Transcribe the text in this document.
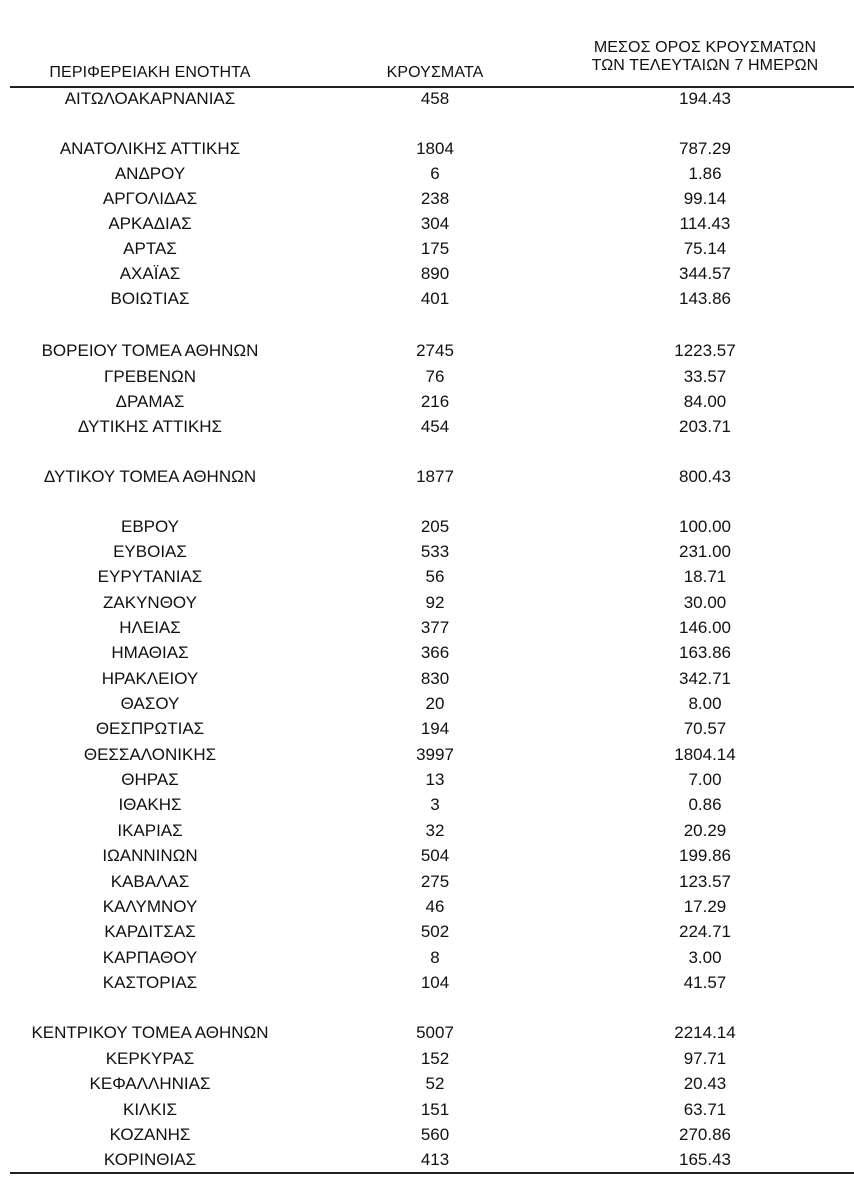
ΠΕΡΙΦΕΡΕΙΑΚΗ ΕΝΟΤΗΤΑ	ΚΡΟΥΣΜΑΤΑ
ΜΕΣΟΣ ΟΡΟΣ ΚΡΟΥΣΜΑΤΩΝ
ΤΩΝ ΤΕΛΕΥΤΑΙΩΝ 7 ΗΜΕΡΩΝ
ΑΙΤΩΛΟΑΚΑΡΝΑΝΙΑΣ	458	194.43
ΑΝΑΤΟΛΙΚΗΣ ΑΤΤΙΚΗΣ	1804	787.29
ΑΝΔΡΟΥ	6	1.86
ΑΡΓΟΛΙΔΑΣ	238	99.14
ΑΡΚΑΔΙΑΣ	304	114.43
ΑΡΤΑΣ	175	75.14
ΑΧΑΪΑΣ	890	344.57
ΒΟΙΩΤΙΑΣ	401	143.86
ΒΟΡΕΙΟΥ ΤΟΜΕΑ ΑΘΗΝΩΝ	2745	1223.57
ΓΡΕΒΕΝΩΝ	76	33.57
ΔΡΑΜΑΣ	216	84.00
ΔΥΤΙΚΗΣ ΑΤΤΙΚΗΣ	454	203.71
ΔΥΤΙΚΟΥ ΤΟΜΕΑ ΑΘΗΝΩΝ	1877	800.43
ΕΒΡΟΥ	205	100.00
ΕΥΒΟΙΑΣ	533	231.00
ΕΥΡΥΤΑΝΙΑΣ	56	18.71
ΖΑΚΥΝΘΟΥ	92	30.00
ΗΛΕΙΑΣ	377	146.00
ΗΜΑΘΙΑΣ	366	163.86
ΗΡΑΚΛΕΙΟΥ	830	342.71
ΘΑΣΟΥ	20	8.00
ΘΕΣΠΡΩΤΙΑΣ	194	70.57
ΘΕΣΣΑΛΟΝΙΚΗΣ	3997	1804.14
ΘΗΡΑΣ	13	7.00
ΙΘΑΚΗΣ	3	0.86
ΙΚΑΡΙΑΣ	32	20.29
ΙΩΑΝΝΙΝΩΝ	504	199.86
ΚΑΒΑΛΑΣ	275	123.57
ΚΑΛΥΜΝΟΥ	46	17.29
ΚΑΡΔΙΤΣΑΣ	502	224.71
ΚΑΡΠΑΘΟΥ	8	3.00
ΚΑΣΤΟΡΙΑΣ	104	41.57
ΚΕΝΤΡΙΚΟΥ ΤΟΜΕΑ ΑΘΗΝΩΝ	5007	2214.14
ΚΕΡΚΥΡΑΣ	152	97.71
ΚΕΦΑΛΛΗΝΙΑΣ	52	20.43
ΚΙΛΚΙΣ	151	63.71
ΚΟΖΑΝΗΣ	560	270.86
ΚΟΡΙΝΘΙΑΣ	413	165.43
